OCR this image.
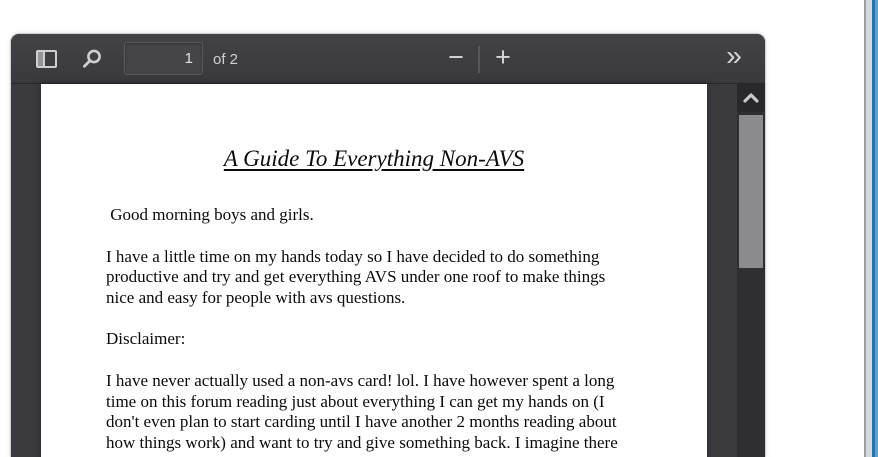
1
of 2	− +	»
A Guide To Everything Non-AVS
Good morning boys and girls.
I have a little time on my hands today so I have decided to do something
productive and try and get everything AVS under one roof to make things
nice and easy for people with avs questions.
Disclaimer:
I have never actually used a non-avs card! lol. I have however spent a long
time on this forum reading just about everything I can get my hands on (I
don't even plan to start carding until I have another 2 months reading about
how things work) and want to try and give something back. I imagine there
